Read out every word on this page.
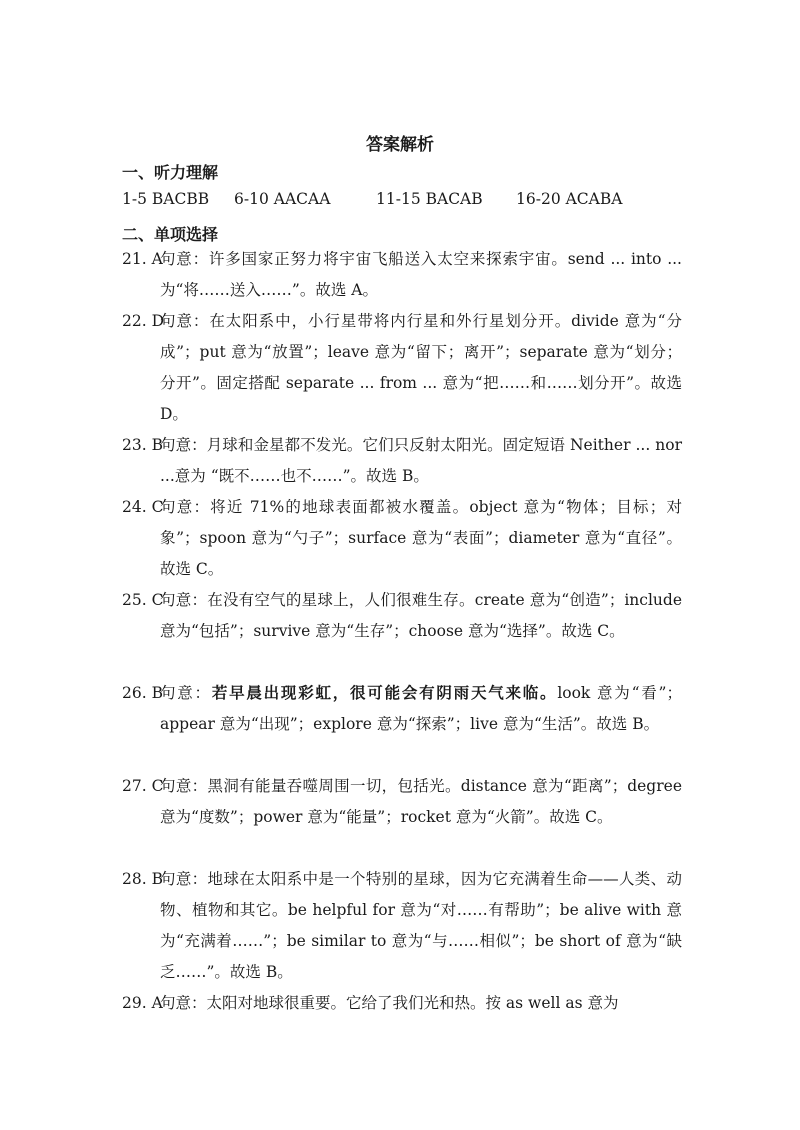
答案解析
一、听力理解
1-5 BACBB 6-10 AACAA	11-15 BACAB 16-20 ACABA
二、单项选择
21. A
句意：许多国家正努力将宇宙飞船送入太空来探索宇宙。send ... into ... 为“将……送入……”。故选 A。
22. D
句意：在太阳系中，小行星带将内行星和外行星划分开。divide 意为“分成”；put 意为“放置”；leave 意为“留下；离开”；separate 意为“划分；分开”。固定搭配 separate ... from ... 意为“把……和……划分开”。故选 D。
23. B
句意：月球和金星都不发光。它们只反射太阳光。固定短语 Neither ... nor ...意为 “既不……也不……”。故选 B。
24. C
句意：将近 71%的地球表面都被水覆盖。object 意为“物体；目标；对象”；spoon 意为“勺子”；surface 意为“表面”；diameter 意为“直径”。故选 C。
25. C
句意：在没有空气的星球上，人们很难生存。create 意为“创造”；include 意为“包括”；survive 意为“生存”；choose 意为“选择”。故选 C。
26. B
句意：若早晨出现彩虹，很可能会有阴雨天气来临。look 意为“看”；appear 意为“出现”；explore 意为“探索”；live 意为“生活”。故选 B。
27. C
句意：黑洞有能量吞噬周围一切，包括光。distance 意为“距离”；degree 意为“度数”；power 意为“能量”；rocket 意为“火箭”。故选 C。
28. B
句意：地球在太阳系中是一个特别的星球，因为它充满着生命——人类、动物、植物和其它。be helpful for 意为“对……有帮助”；be alive with 意为“充满着……”；be similar to 意为“与……相似”；be short of 意为“缺乏……”。故选 B。
29. A
句意：太阳对地球很重要。它给了我们光和热。按 as well as 意为
